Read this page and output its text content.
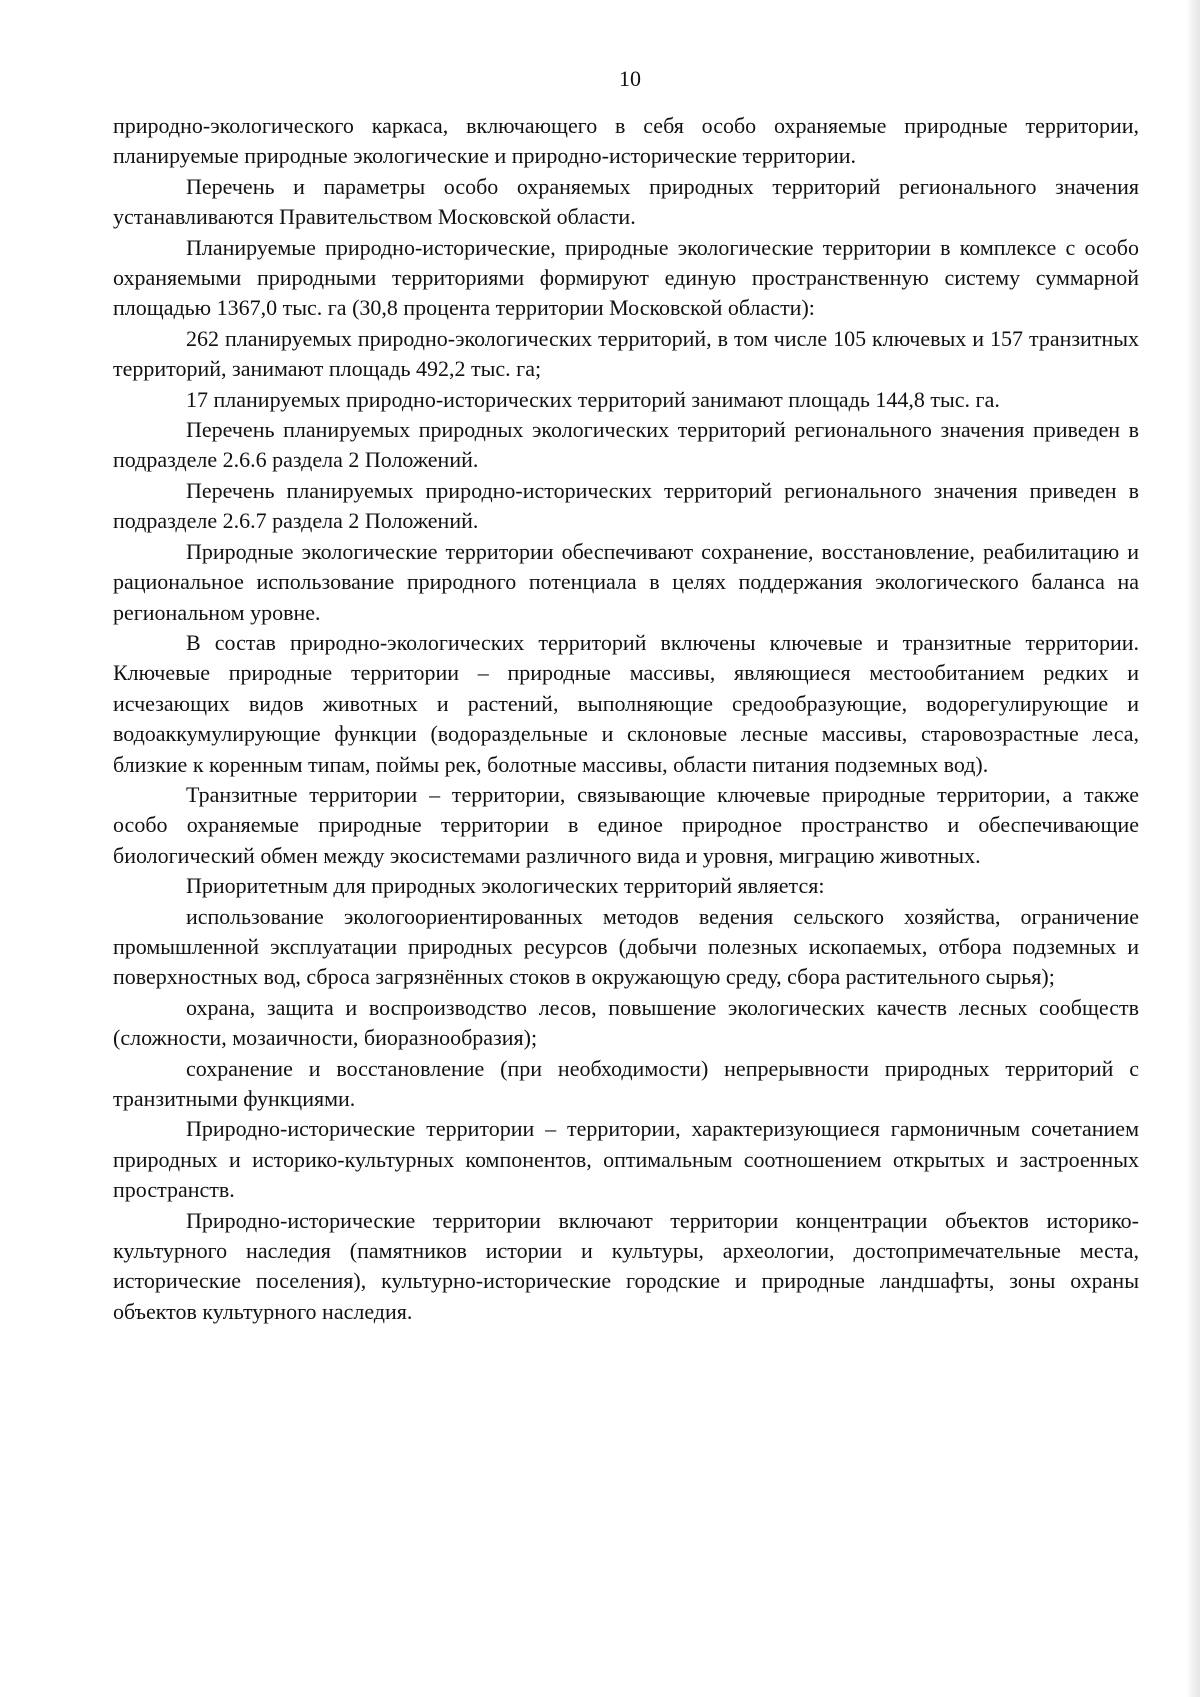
10

природно-экологического каркаса, включающего в себя особо охраняемые природные территории, планируемые природные экологические и природно-исторические территории.

Перечень и параметры особо охраняемых природных территорий регионального значения устанавливаются Правительством Московской области.

Планируемые природно-исторические, природные экологические территории в комплексе с особо охраняемыми природными территориями формируют единую пространственную систему суммарной площадью 1367,0 тыс. га (30,8 процента территории Московской области):

262 планируемых природно-экологических территорий, в том числе 105 ключевых и 157 транзитных территорий, занимают площадь 492,2 тыс. га;

17 планируемых природно-исторических территорий занимают площадь 144,8 тыс. га.

Перечень планируемых природных экологических территорий регионального значения приведен в подразделе 2.6.6 раздела 2 Положений.

Перечень планируемых природно-исторических территорий регионального значения приведен в подразделе 2.6.7 раздела 2 Положений.

Природные экологические территории обеспечивают сохранение, восстановление, реабилитацию и рациональное использование природного потенциала в целях поддержания экологического баланса на региональном уровне.

В состав природно-экологических территорий включены ключевые и транзитные территории. Ключевые природные территории – природные массивы, являющиеся местообитанием редких и исчезающих видов животных и растений, выполняющие средообразующие, водорегулирующие и водоаккумулирующие функции (водораздельные и склоновые лесные массивы, старовозрастные леса, близкие к коренным типам, поймы рек, болотные массивы, области питания подземных вод).

Транзитные территории – территории, связывающие ключевые природные территории, а также особо охраняемые природные территории в единое природное пространство и обеспечивающие биологический обмен между экосистемами различного вида и уровня, миграцию животных.

Приоритетным для природных экологических территорий является:

использование экологоориентированных методов ведения сельского хозяйства, ограничение промышленной эксплуатации природных ресурсов (добычи полезных ископаемых, отбора подземных и поверхностных вод, сброса загрязнённых стоков в окружающую среду, сбора растительного сырья);

охрана, защита и воспроизводство лесов, повышение экологических качеств лесных сообществ (сложности, мозаичности, биоразнообразия);

сохранение и восстановление (при необходимости) непрерывности природных территорий с транзитными функциями.

Природно-исторические территории – территории, характеризующиеся гармоничным сочетанием природных и историко-культурных компонентов, оптимальным соотношением открытых и застроенных пространств.

Природно-исторические территории включают территории концентрации объектов историко-культурного наследия (памятников истории и культуры, археологии, достопримечательные места, исторические поселения), культурно-исторические городские и природные ландшафты, зоны охраны объектов культурного наследия.
